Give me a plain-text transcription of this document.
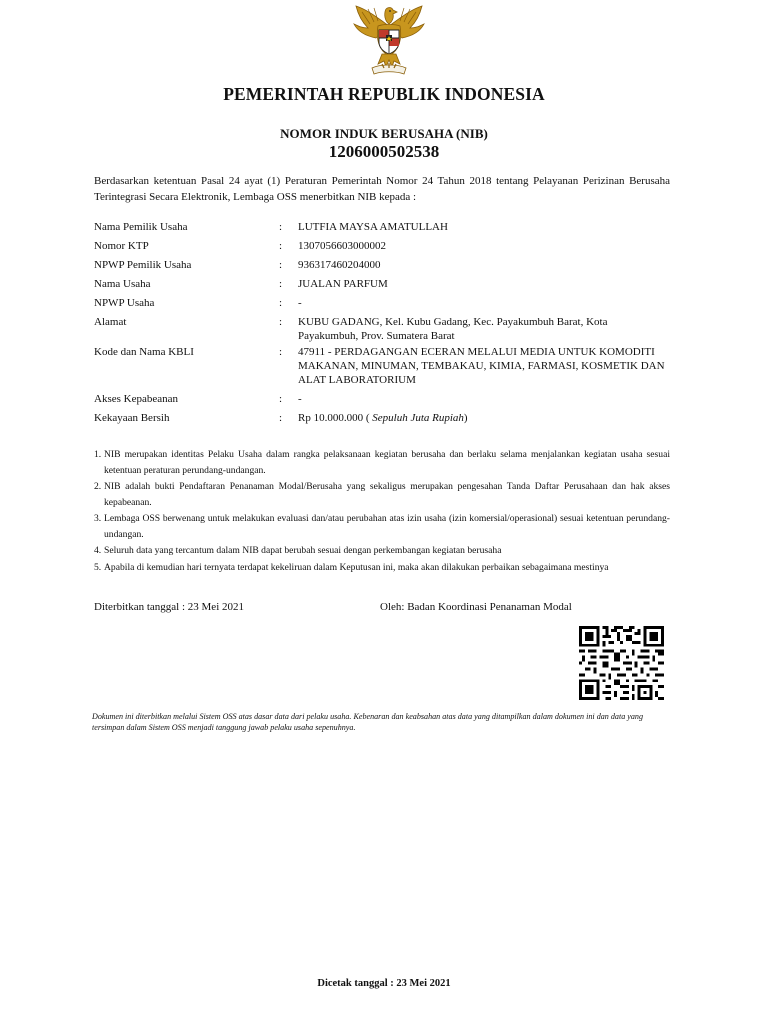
PEMERINTAH REPUBLIK INDONESIA
NOMOR INDUK BERUSAHA (NIB)
1206000502538
Berdasarkan ketentuan Pasal 24 ayat (1) Peraturan Pemerintah Nomor 24 Tahun 2018 tentang Pelayanan Perizinan Berusaha Terintegrasi Secara Elektronik, Lembaga OSS menerbitkan NIB kepada :
Nama Pemilik Usaha	:	LUTFIA MAYSA AMATULLAH
Nomor KTP	:	1307056603000002
NPWP Pemilik Usaha	:	936317460204000
Nama Usaha	:	JUALAN PARFUM
NPWP Usaha	:	-
Alamat	:	KUBU GADANG, Kel. Kubu Gadang, Kec. Payakumbuh Barat, Kota Payakumbuh, Prov. Sumatera Barat
Kode dan Nama KBLI	:	47911 - PERDAGANGAN ECERAN MELALUI MEDIA UNTUK KOMODITI MAKANAN, MINUMAN, TEMBAKAU, KIMIA, FARMASI, KOSMETIK DAN ALAT LABORATORIUM
Akses Kepabeanan	:	-
Kekayaan Bersih	:	Rp 10.000.000 ( Sepuluh Juta Rupiah)
1. NIB merupakan identitas Pelaku Usaha dalam rangka pelaksanaan kegiatan berusaha dan berlaku selama menjalankan kegiatan usaha sesuai ketentuan peraturan perundang-undangan.
2. NIB adalah bukti Pendaftaran Penanaman Modal/Berusaha yang sekaligus merupakan pengesahan Tanda Daftar Perusahaan dan hak akses kepabeanan.
3. Lembaga OSS berwenang untuk melakukan evaluasi dan/atau perubahan atas izin usaha (izin komersial/operasional) sesuai ketentuan perundang-undangan.
4. Seluruh data yang tercantum dalam NIB dapat berubah sesuai dengan perkembangan kegiatan berusaha
5. Apabila di kemudian hari ternyata terdapat kekeliruan dalam Keputusan ini, maka akan dilakukan perbaikan sebagaimana mestinya
Diterbitkan tanggal : 23 Mei 2021	Oleh: Badan Koordinasi Penanaman Modal
Dokumen ini diterbitkan melalui Sistem OSS atas dasar data dari pelaku usaha. Kebenaran dan keabsahan atas data yang ditampilkan dalam dokumen ini dan data yang tersimpan dalam Sistem OSS menjadi tanggung jawab pelaku usaha sepenuhnya.
Dicetak tanggal : 23 Mei 2021
